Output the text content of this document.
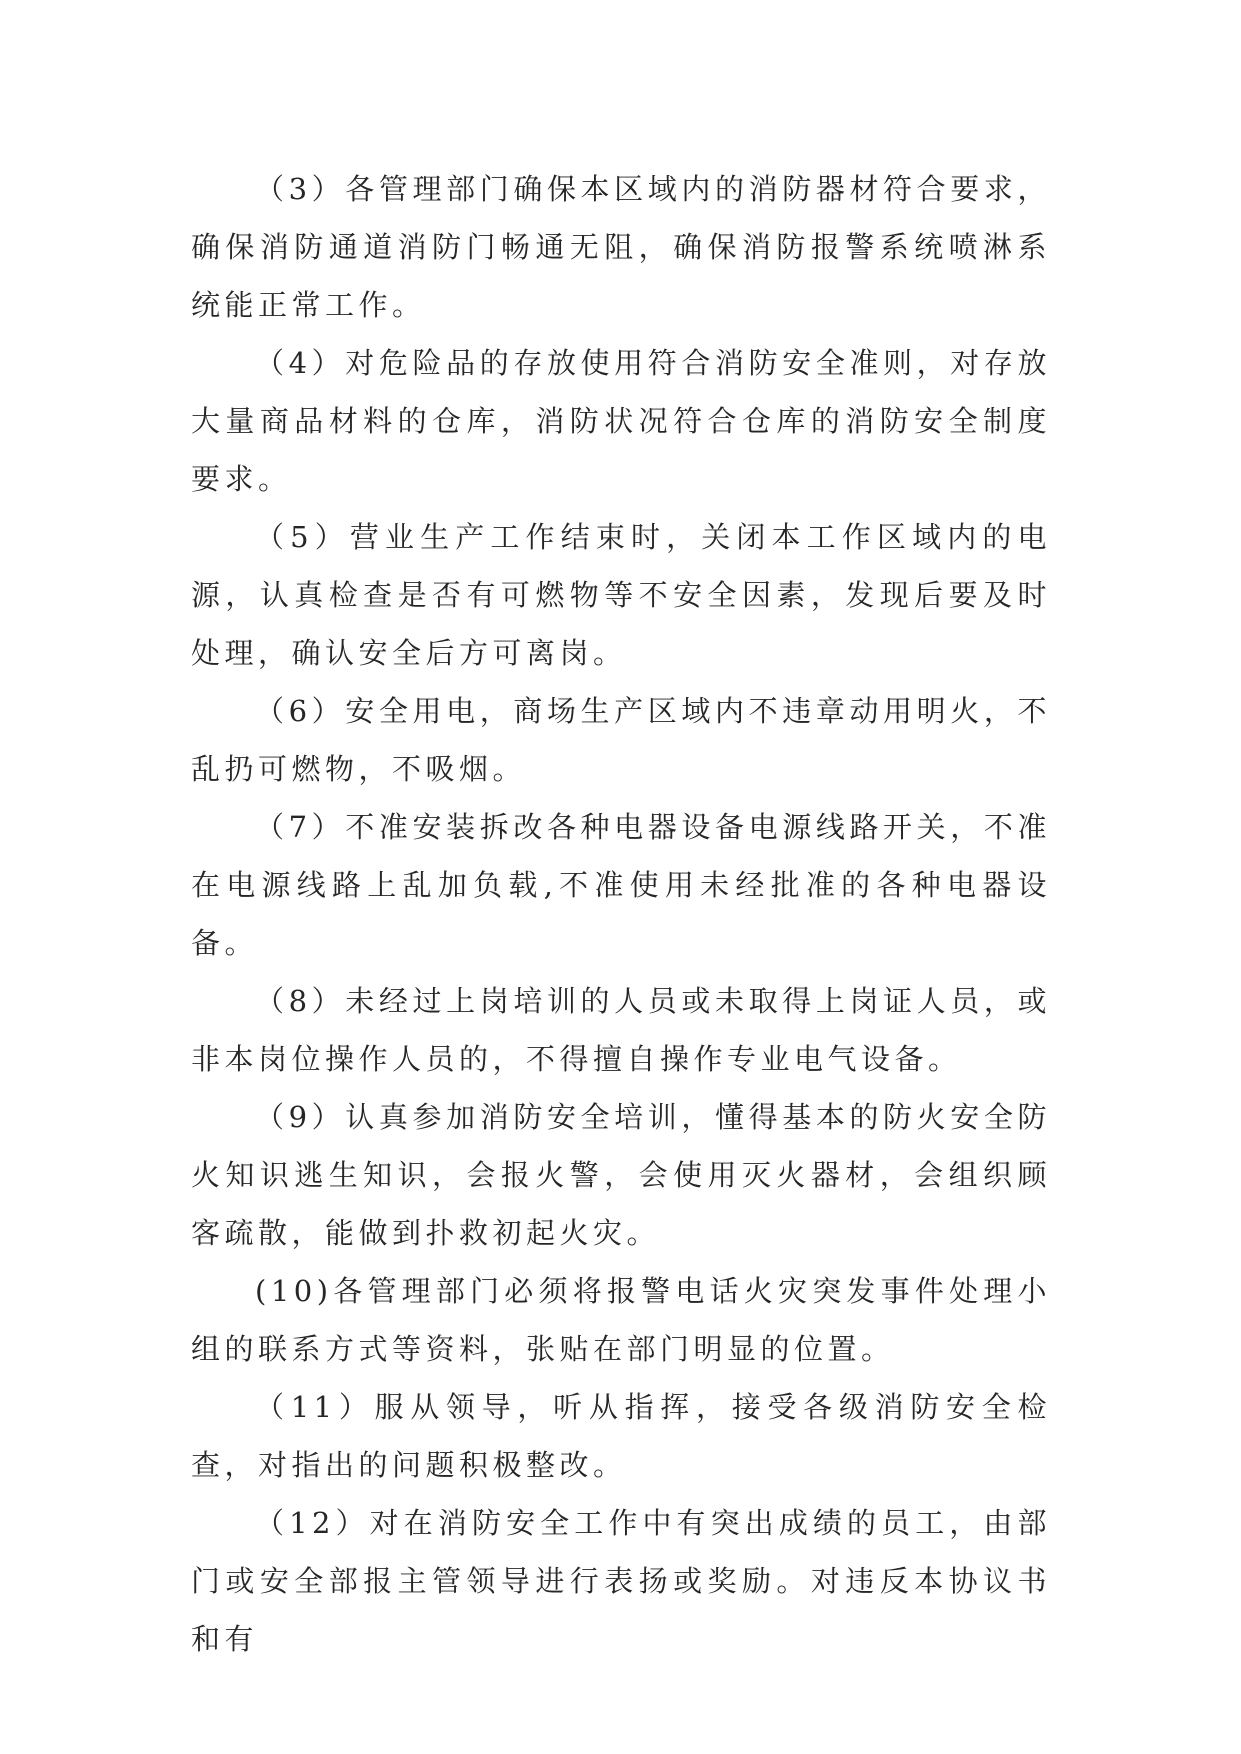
（3）各管理部门确保本区域内的消防器材符合要求，确保消防通道消防门畅通无阻，确保消防报警系统喷淋系统能正常工作。

（4）对危险品的存放使用符合消防安全准则，对存放大量商品材料的仓库，消防状况符合仓库的消防安全制度要求。

（5）营业生产工作结束时，关闭本工作区域内的电源，认真检查是否有可燃物等不安全因素，发现后要及时处理，确认安全后方可离岗。

（6）安全用电，商场生产区域内不违章动用明火，不乱扔可燃物，不吸烟。

（7）不准安装拆改各种电器设备电源线路开关，不准在电源线路上乱加负载,不准使用未经批准的各种电器设备。

（8）未经过上岗培训的人员或未取得上岗证人员，或非本岗位操作人员的，不得擅自操作专业电气设备。

（9）认真参加消防安全培训，懂得基本的防火安全防火知识逃生知识，会报火警，会使用灭火器材，会组织顾客疏散，能做到扑救初起火灾。

(10)各管理部门必须将报警电话火灾突发事件处理小组的联系方式等资料，张贴在部门明显的位置。

（11）服从领导，听从指挥，接受各级消防安全检查，对指出的问题积极整改。

（12）对在消防安全工作中有突出成绩的员工，由部门或安全部报主管领导进行表扬或奖励。对违反本协议书和有
